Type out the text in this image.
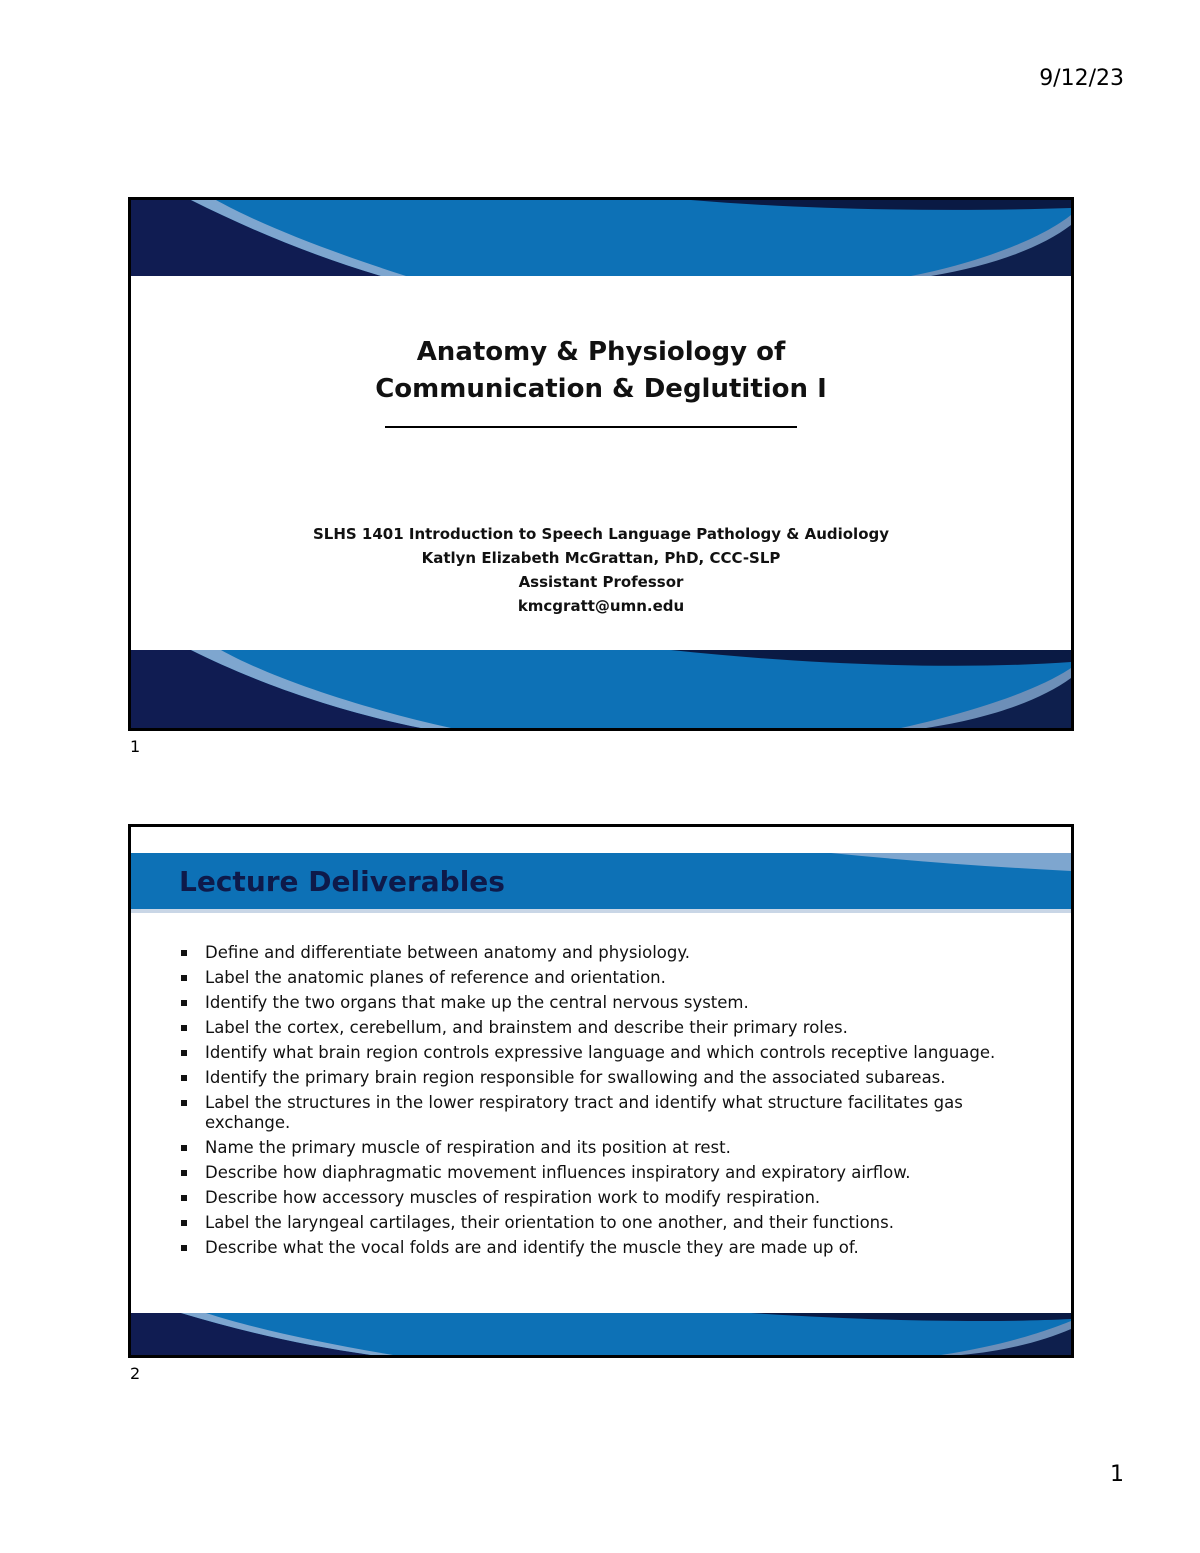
9/12/23
Anatomy & Physiology of
Communication & Deglutition I
SLHS 1401 Introduction to Speech Language Pathology & Audiology
Katlyn Elizabeth McGrattan, PhD, CCC-SLP
Assistant Professor
kmcgratt@umn.edu
1
Lecture Deliverables
Define and differentiate between anatomy and physiology.
Label the anatomic planes of reference and orientation.
Identify the two organs that make up the central nervous system.
Label the cortex, cerebellum, and brainstem and describe their primary roles.
Identify what brain region controls expressive language and which controls receptive language.
Identify the primary brain region responsible for swallowing and the associated subareas.
Label the structures in the lower respiratory tract and identify what structure facilitates gas exchange.
Name the primary muscle of respiration and its position at rest.
Describe how diaphragmatic movement influences inspiratory and expiratory airflow.
Describe how accessory muscles of respiration work to modify respiration.
Label the laryngeal cartilages, their orientation to one another, and their functions.
Describe what the vocal folds are and identify the muscle they are made up of.
2
1
